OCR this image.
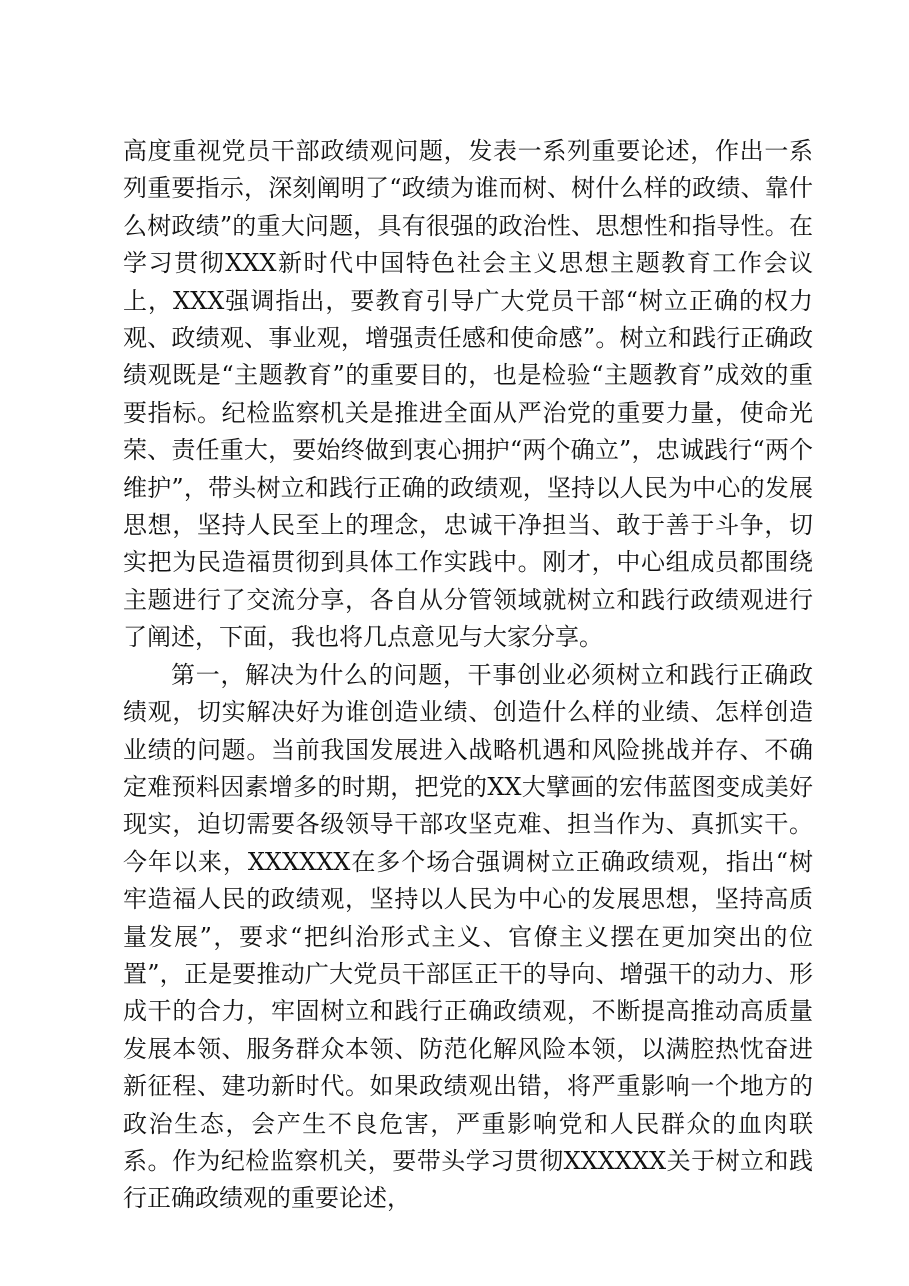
高度重视党员干部政绩观问题，发表一系列重要论述，作出一系列重要指示，深刻阐明了“政绩为谁而树、树什么样的政绩、靠什么树政绩”的重大问题，具有很强的政治性、思想性和指导性。在学习贯彻XXX新时代中国特色社会主义思想主题教育工作会议上，XXX强调指出，要教育引导广大党员干部“树立正确的权力观、政绩观、事业观，增强责任感和使命感”。树立和践行正确政绩观既是“主题教育”的重要目的，也是检验“主题教育”成效的重要指标。纪检监察机关是推进全面从严治党的重要力量，使命光荣、责任重大，要始终做到衷心拥护“两个确立”，忠诚践行“两个维护”，带头树立和践行正确的政绩观，坚持以人民为中心的发展思想，坚持人民至上的理念，忠诚干净担当、敢于善于斗争，切实把为民造福贯彻到具体工作实践中。刚才，中心组成员都围绕主题进行了交流分享，各自从分管领域就树立和践行政绩观进行了阐述，下面，我也将几点意见与大家分享。

第一，解决为什么的问题，干事创业必须树立和践行正确政绩观，切实解决好为谁创造业绩、创造什么样的业绩、怎样创造业绩的问题。当前我国发展进入战略机遇和风险挑战并存、不确定难预料因素增多的时期，把党的XX大擘画的宏伟蓝图变成美好现实，迫切需要各级领导干部攻坚克难、担当作为、真抓实干。今年以来，XXXXXX在多个场合强调树立正确政绩观，指出“树牢造福人民的政绩观，坚持以人民为中心的发展思想，坚持高质量发展”，要求“把纠治形式主义、官僚主义摆在更加突出的位置”，正是要推动广大党员干部匡正干的导向、增强干的动力、形成干的合力，牢固树立和践行正确政绩观，不断提高推动高质量发展本领、服务群众本领、防范化解风险本领，以满腔热忱奋进新征程、建功新时代。如果政绩观出错，将严重影响一个地方的政治生态，会产生不良危害，严重影响党和人民群众的血肉联系。作为纪检监察机关，要带头学习贯彻XXXXXX关于树立和践行正确政绩观的重要论述，
